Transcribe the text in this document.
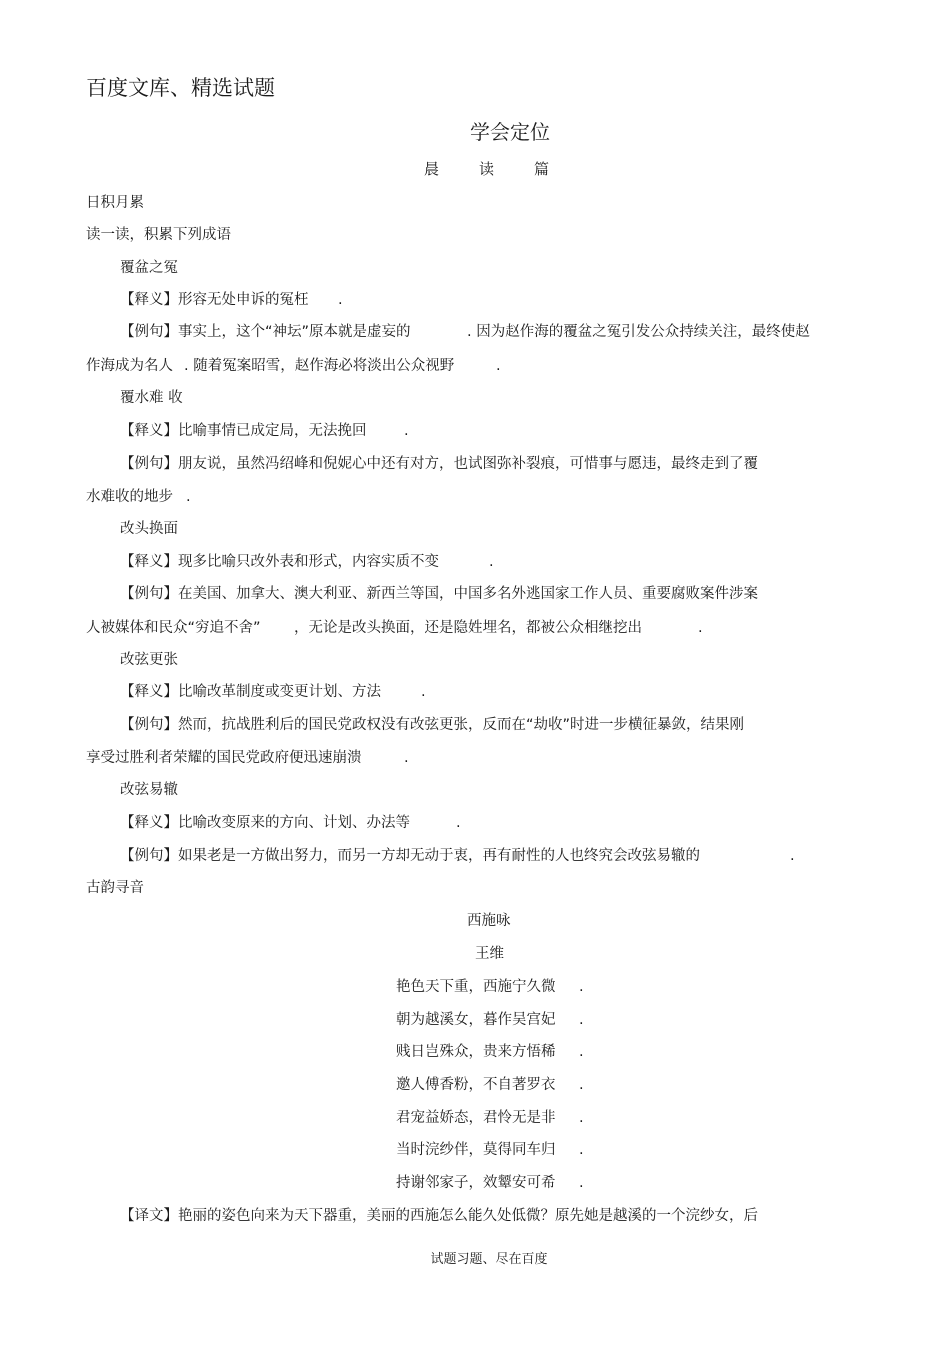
百度文库、精选试题
学会定位
晨	读	篇
日积月累
读一读，积累下列成语
覆盆之冤
【释义】形容无处申诉的冤枉 .
【例句】事实上，这个“神坛”原本就是虚妄的	. 因为赵作海的覆盆之冤引发公众持续关注，最终使赵
作海成为名人 . 随着冤案昭雪，赵作海必将淡出公众视野	.
覆水难 收
【释义】比喻事情已成定局，无法挽回	.
【例句】朋友说，虽然冯绍峰和倪妮心中还有对方，也试图弥补裂痕，可惜事与愿违，最终走到了覆
水难收的地步 .
改头换面
【释义】现多比喻只改外表和形式，内容实质不变	.
【例句】在美国、加拿大、澳大利亚、新西兰等国，中国多名外逃国家工作人员、重要腐败案件涉案
人被媒体和民众“穷追不舍” ，无论是改头换面，还是隐姓埋名，都被公众相继挖出	.
改弦更张
【释义】比喻改革制度或变更计划、方法	.
【例句】然而，抗战胜利后的国民党政权没有改弦更张，反而在“劫收”时进一步横征暴敛，结果刚
享受过胜利者荣耀的国民党政府便迅速崩溃	.
改弦易辙
【释义】比喻改变原来的方向、计划、办法等	.
【例句】如果老是一方做出努力，而另一方却无动于衷，再有耐性的人也终究会改弦易辙的	.
古韵寻音
西施咏
王维
艳色天下重，西施宁久微 .
朝为越溪女，暮作吴宫妃 .
贱日岂殊众，贵来方悟稀 .
邀人傅香粉，不自著罗衣 .
君宠益娇态，君怜无是非 .
当时浣纱伴，莫得同车归 .
持谢邻家子，效颦安可希 .
【译文】艳丽的姿色向来为天下器重，美丽的西施怎么能久处低微？原先她是越溪的一个浣纱女，后
试题习题、尽在百度
